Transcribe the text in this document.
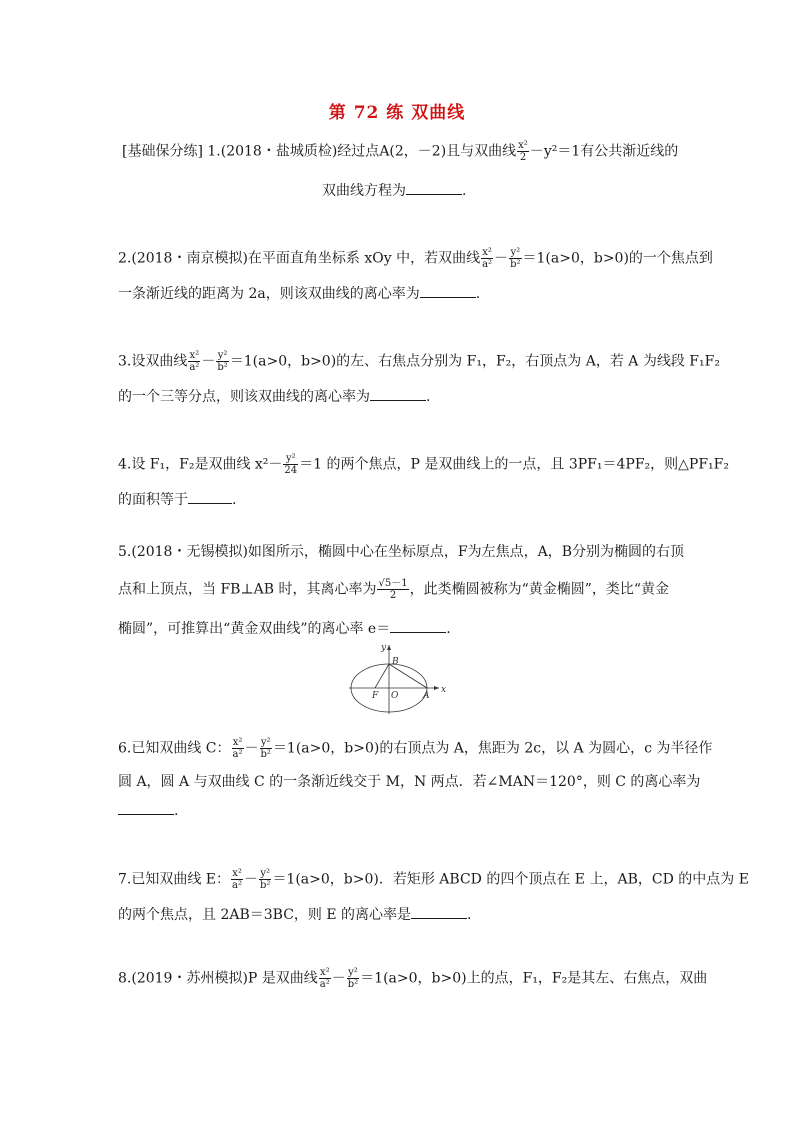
第 72 练 双曲线
[基础保分练] 1.(2018・盐城质检)经过点A(2，－2)且与双曲线 $\frac{\text{x²}}{2} -y^2=1$有公共渐近线的
双曲线方程为	.
2.(2018・南京模拟)在平面直角坐标系 xOy 中，若双曲线 $\frac{\text{x²}}{\text{a²}} - \frac{\text{y²}}{\text{b²}} =1(a>0$，b>0)的一个焦点到
一条渐近线的距离为 2a，则该双曲线的离心率为	.
3.设双曲线 $\frac{\text{x²}}{\text{a²}} - \frac{\text{y²}}{\text{b²}} =1(a>0$，b>0)的左、右焦点分别为 F₁，F₂，右顶点为 A，若 A 为线段 F₁F₂
的一个三等分点，则该双曲线的离心率为	.
4.设 F₁，F₂是双曲线 $x^2- \frac{\text{y²}}{24} =1$ 的两个焦点，P 是双曲线上的一点，且 3PF₁＝4PF₂，则△PF₁F₂
的面积等于	.
5.(2018・无锡模拟)如图所示，椭圆中心在坐标原点，F为左焦点，A，B分别为椭圆的右顶
点和上顶点，当 FB⊥AB 时，其离心率为 $\frac{√5-1}{2}$ ，此类椭圆被称为“黄金椭圆”，类比“黄金
椭圆”，可推算出“黄金双曲线”的离心率 e＝	.
y
x
B
F O	A
6.已知双曲线 C： $\frac{\text{x²}}{\text{a²}} - \frac{\text{y²}}{\text{b²}} =1(a>0$，b>0)的右顶点为 A，焦距为 2c，以 A 为圆心，c 为半径作
圆 A，圆 A 与双曲线 C 的一条渐近线交于 M，N 两点．若∠MAN＝120°，则 C 的离心率为
.
7.已知双曲线 E： $\frac{\text{x²}}{\text{a²}} - \frac{\text{y²}}{\text{b²}} =1(a>0$，b>0)．若矩形 ABCD 的四个顶点在 E 上，AB，CD 的中点为 E
的两个焦点，且 2AB＝3BC，则 E 的离心率是	.
8.(2019・苏州模拟)P 是双曲线 $\frac{\text{x²}}{\text{a²}} - \frac{\text{y²}}{\text{b²}} =1(a>0$，b>0)上的点，F₁，F₂是其左、右焦点，双曲
